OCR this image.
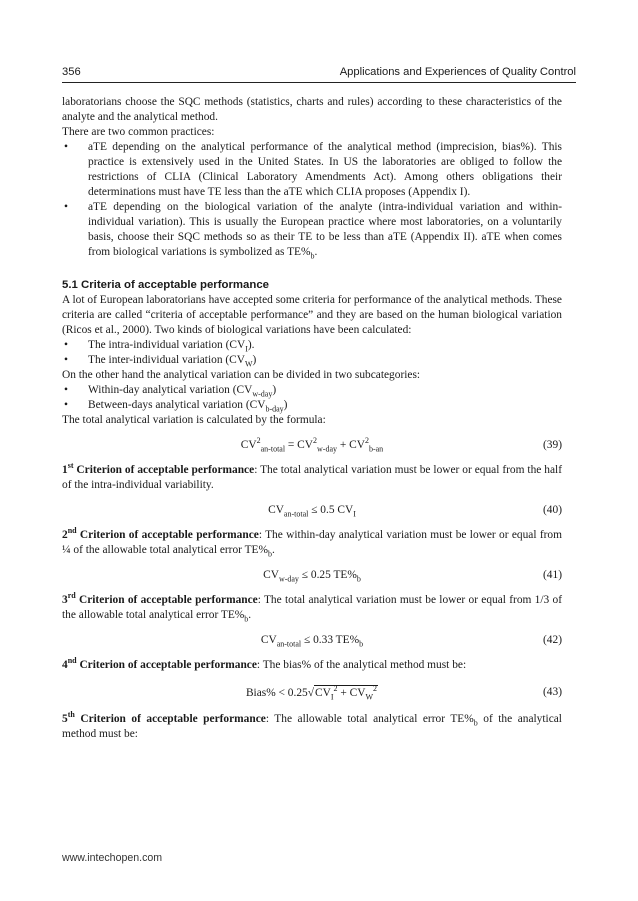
356	Applications and Experiences of Quality Control

laboratorians choose the SQC methods (statistics, charts and rules) according to these characteristics of the analyte and the analytical method.

There are two common practices:

• aTE depending on the analytical performance of the analytical method (imprecision, bias%). This practice is extensively used in the United States. In US the laboratories are obliged to follow the restrictions of CLIA (Clinical Laboratory Amendments Act). Among others obligations their determinations must have TE less than the aTE which CLIA proposes (Appendix I).
• aTE depending on the biological variation of the analyte (intra-individual variation and within-individual variation). This is usually the European practice where most laboratories, on a voluntarily basis, choose their SQC methods so as their TE to be less than aTE (Appendix II). aTE when comes from biological variations is symbolized as $TE\%_b$.
5.1 Criteria of acceptable performance

A lot of European laboratorians have accepted some criteria for performance of the analytical methods. These criteria are called “criteria of acceptable performance” and they are based on the human biological variation (Ricos et al., 2000). Two kinds of biological variations have been calculated:

• The intra-individual variation $(CV_I)$.
• The inter-individual variation $(CV_W)$

On the other hand the analytical variation can be divided in two subcategories:

• Within-day analytical variation $(CV_{w-day})$
• Between-days analytical variation $(CV_{b-day})$

The total analytical variation is calculated by the formula:

$CV^2_{an-total} = CV^2_{w-day} + CV^2_{b-an}$	(39)

1st Criterion of acceptable performance: The total analytical variation must be lower or equal from the half of the intra-individual variability.

$CV_{an-total} \le 0.5$ $CV_I$	(40)

2nd Criterion of acceptable performance: The within-day analytical variation must be lower or equal from ¼ of the allowable total analytical error $TE\%_b$.

$CV_{w-day} \le 0.25$ $TE\%_b$	(41)

3rd Criterion of acceptable performance: The total analytical variation must be lower or equal from 1/3 of the allowable total analytical error $TE\%_b$.

$CV_{an-total} \le 0.33$ $TE\%_b$	(42)

4nd Criterion of acceptable performance: The bias% of the analytical method must be:

Bias% < $0.25√CV_I^2 + CV_W^2$	(43)

5th Criterion of acceptable performance: The allowable total analytical error $TE\%_b$ of the analytical method must be:

www.intechopen.com
